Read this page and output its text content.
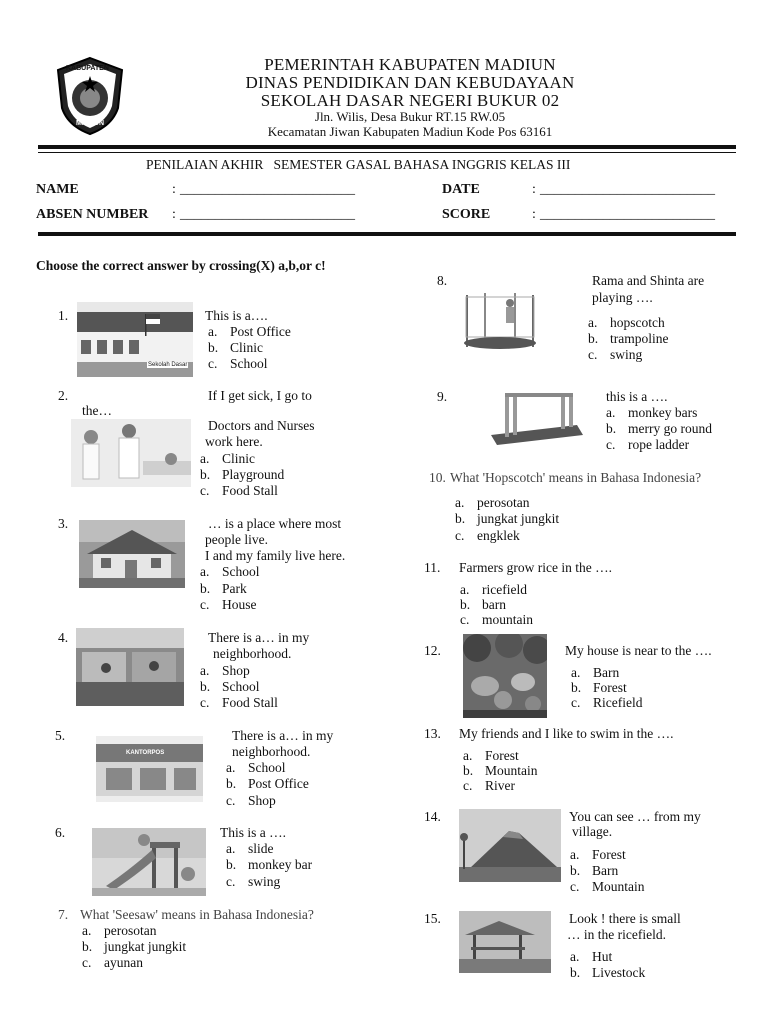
KABUPATEN
MADIUN
PEMERINTAH KABUPATEN MADIUN
DINAS PENDIDIKAN DAN KEBUDAYAAN
SEKOLAH DASAR NEGERI BUKUR 02
Jln. Wilis, Desa Bukur RT.15 RW.05
Kecamatan Jiwan Kabupaten Madiun Kode Pos 63161
PENILAIAN AKHIR   SEMESTER GASAL BAHASA INGGRIS KELAS III
NAME	: _________________________
ABSEN NUMBER : _________________________
DATE	: _________________________
SCORE	: _________________________
Choose the correct answer by crossing(X) a,b,or c!
1.
Sekolah Dasar
This is a….
a. Post Office
b. Clinic
c. School
2.	If I get sick, I go to
the…
Doctors and Nurses
work here.
a. Clinic
b. Playground
c. Food Stall
3.	… is a place where most
people live.
I and my family live here.
a. School
b. Park
c. House
4.	There is a… in my
neighborhood.
a. Shop
b. School
c. Food Stall
5.
KANTORPOS
There is a… in my
neighborhood.
a. School
b. Post Office
c. Shop
6.	This is a ….
a. slide
b. monkey bar
c. swing
7. What 'Seesaw' means in Bahasa Indonesia?
a. perosotan
b. jungkat jungkit
c. ayunan
8.	Rama and Shinta are
playing ….
a. hopscotch
b. trampoline
c. swing
9.	this is a ….
a. monkey bars
b. merry go round
c. rope ladder
10. What 'Hopscotch' means in Bahasa Indonesia?
a. perosotan
b. jungkat jungkit
c. engklek
11. Farmers grow rice in the ….
a. ricefield
b. barn
c. mountain
12.	My house is near to the ….
a. Barn
b. Forest
c. Ricefield
13. My friends and I like to swim in the ….
a. Forest
b. Mountain
c. River
14.	You can see … from my
village.
a. Forest
b. Barn
c. Mountain
15.	Look ! there is small
… in the ricefield.
a. Hut
b. Livestock
